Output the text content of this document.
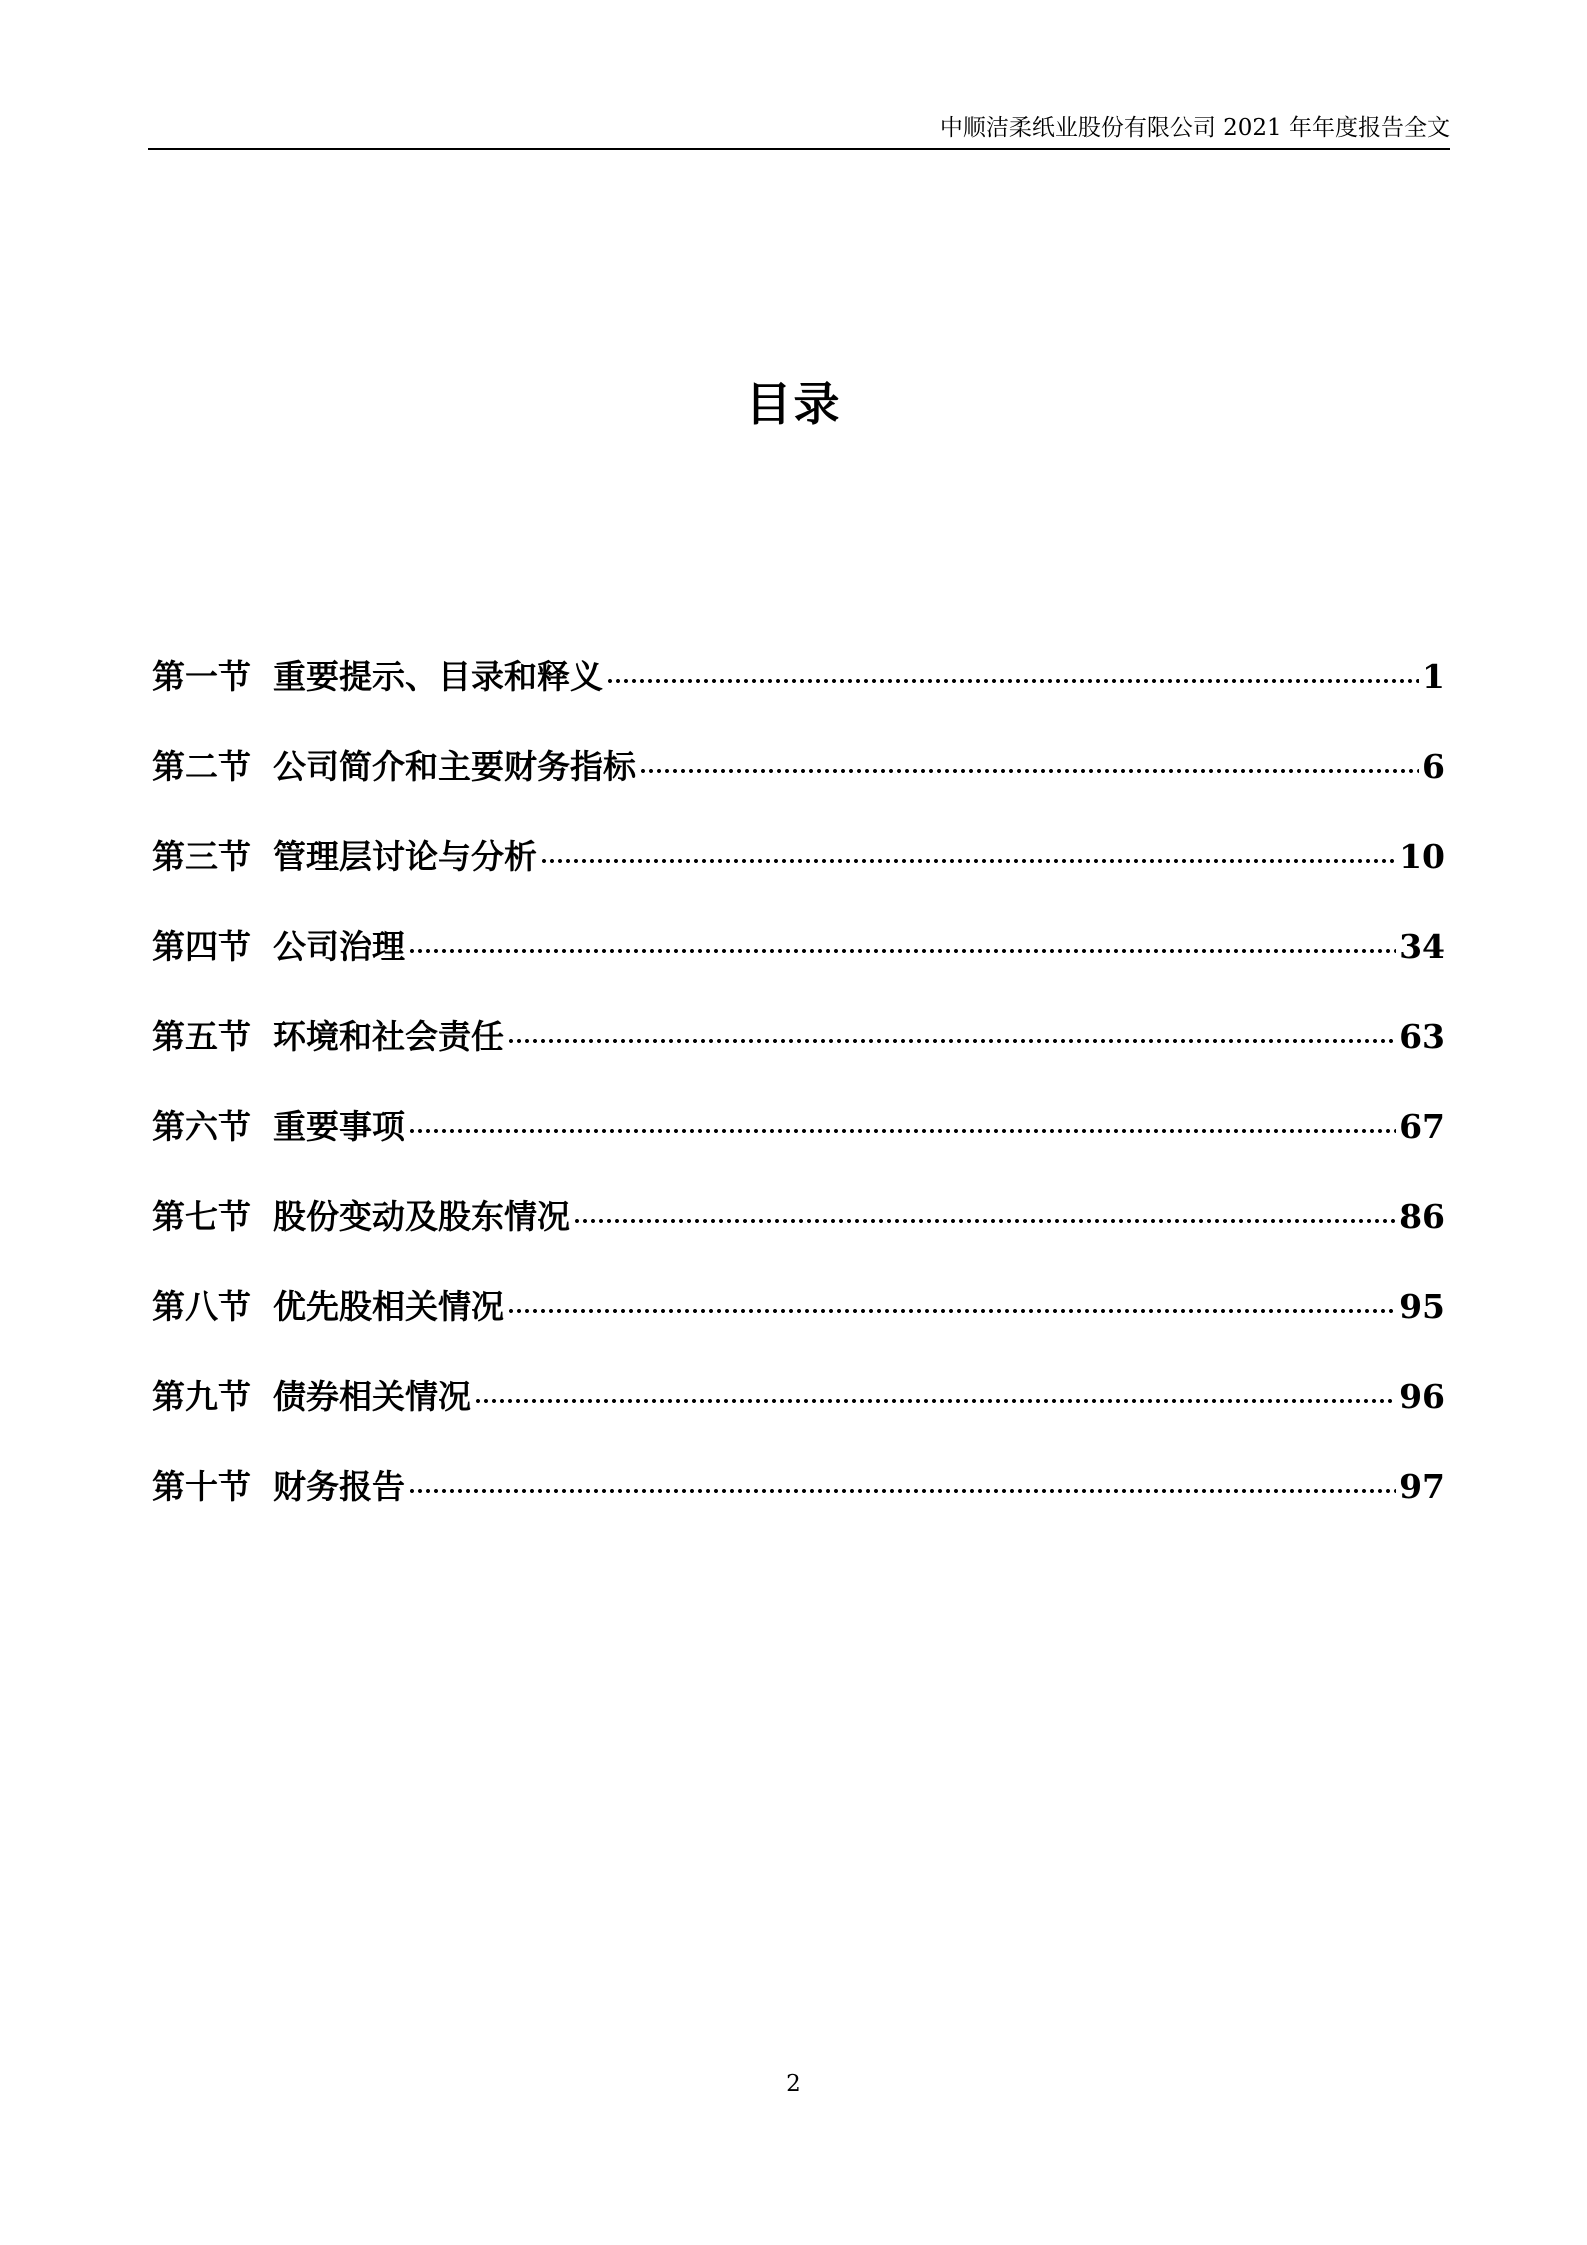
中顺洁柔纸业股份有限公司 2021 年年度报告全文
目录
第一节 重要提示、目录和释义	1
第二节 公司简介和主要财务指标	6
第三节 管理层讨论与分析	10
第四节 公司治理	34
第五节 环境和社会责任	63
第六节 重要事项	67
第七节 股份变动及股东情况	86
第八节 优先股相关情况	95
第九节 债券相关情况	96
第十节 财务报告	97
2
